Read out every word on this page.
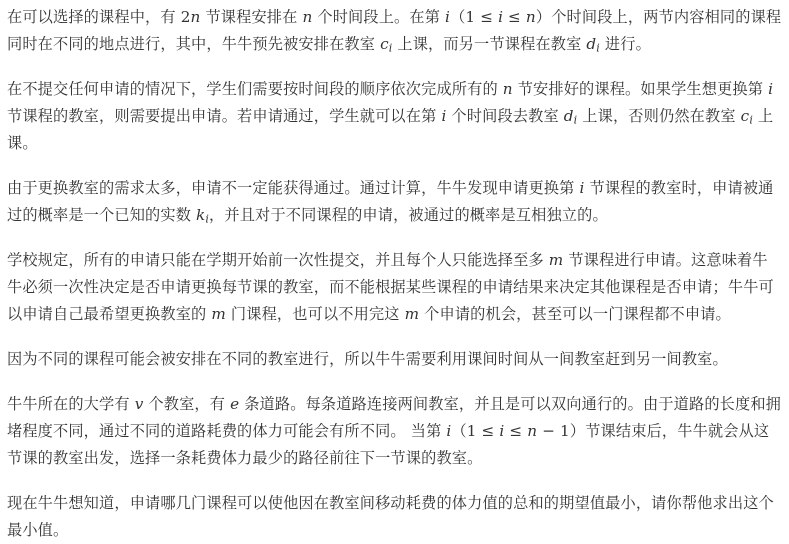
在可以选择的课程中，有 2n 节课程安排在 n 个时间段上。在第 i（1 ≤ i ≤ n）个时间段上，两节内容相同的课程同时在不同的地点进行，其中，牛牛预先被安排在教室 $c_i$ 上课，而另一节课程在教室 $d_i$ 进行。

在不提交任何申请的情况下，学生们需要按时间段的顺序依次完成所有的 n 节安排好的课程。如果学生想更换第 i 节课程的教室，则需要提出申请。若申请通过，学生就可以在第 i 个时间段去教室 $d_i$ 上课，否则仍然在教室 $c_i$ 上课。

由于更换教室的需求太多，申请不一定能获得通过。通过计算，牛牛发现申请更换第 i 节课程的教室时，申请被通过的概率是一个已知的实数 $k_i$，并且对于不同课程的申请，被通过的概率是互相独立的。

学校规定，所有的申请只能在学期开始前一次性提交，并且每个人只能选择至多 m 节课程进行申请。这意味着牛牛必须一次性决定是否申请更换每节课的教室，而不能根据某些课程的申请结果来决定其他课程是否申请；牛牛可以申请自己最希望更换教室的 m 门课程，也可以不用完这 m 个申请的机会，甚至可以一门课程都不申请。

因为不同的课程可能会被安排在不同的教室进行，所以牛牛需要利用课间时间从一间教室赶到另一间教室。

牛牛所在的大学有 v 个教室，有 e 条道路。每条道路连接两间教室，并且是可以双向通行的。由于道路的长度和拥堵程度不同，通过不同的道路耗费的体力可能会有所不同。 当第 i（1 ≤ i ≤ n − 1）节课结束后，牛牛就会从这节课的教室出发，选择一条耗费体力最少的路径前往下一节课的教室。

现在牛牛想知道，申请哪几门课程可以使他因在教室间移动耗费的体力值的总和的期望值最小，请你帮他求出这个最小值。
